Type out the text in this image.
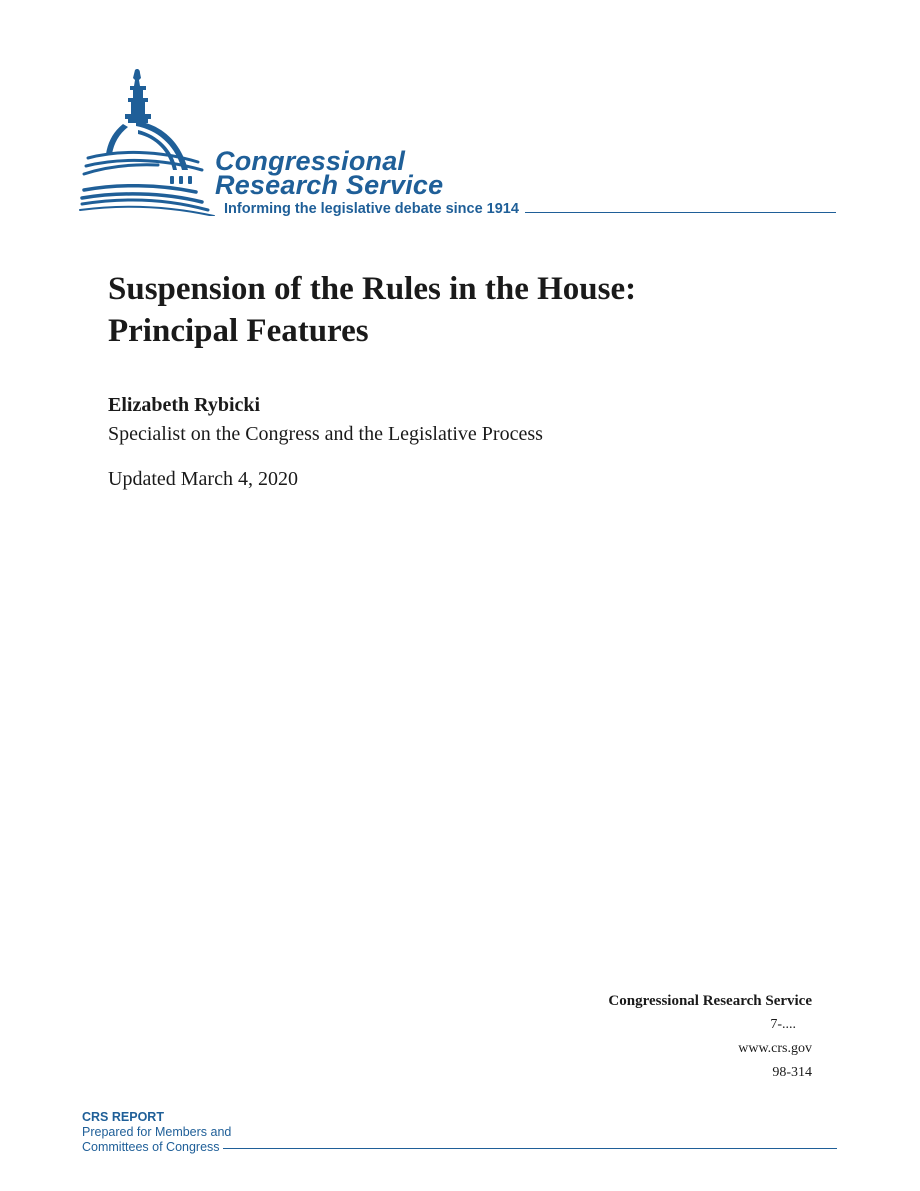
Congressional
Research Service
Informing the legislative debate since 1914
Suspension of the Rules in the House:
Principal Features
Elizabeth Rybicki
Specialist on the Congress and the Legislative Process
Updated March 4, 2020
Congressional Research Service
7-....
www.crs.gov
98-314
CRS REPORT
Prepared for Members and
Committees of Congress
